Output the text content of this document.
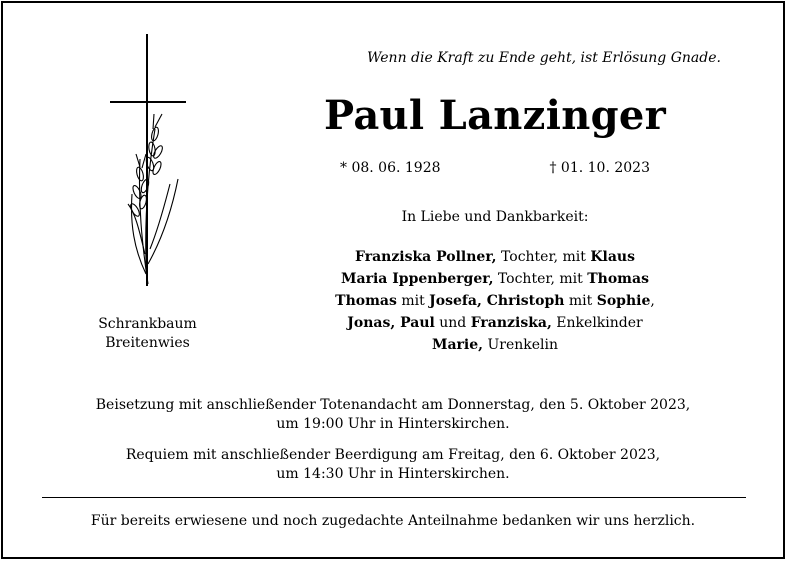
Wenn die Kraft zu Ende geht, ist Erlösung Gnade.
Paul Lanzinger
* 08. 06. 1928	† 01. 10. 2023
In Liebe und Dankbarkeit:
Franziska Pollner, Tochter, mit Klaus
Maria Ippenberger, Tochter, mit Thomas
Thomas mit Josefa, Christoph mit Sophie,
Jonas, Paul und Franziska, Enkelkinder
Marie, Urenkelin
Schrankbaum
Breitenwies
Beisetzung mit anschließender Totenandacht am Donnerstag, den 5. Oktober 2023,
um 19:00 Uhr in Hinterskirchen.
Requiem mit anschließender Beerdigung am Freitag, den 6. Oktober 2023,
um 14:30 Uhr in Hinterskirchen.
Für bereits erwiesene und noch zugedachte Anteilnahme bedanken wir uns herzlich.
